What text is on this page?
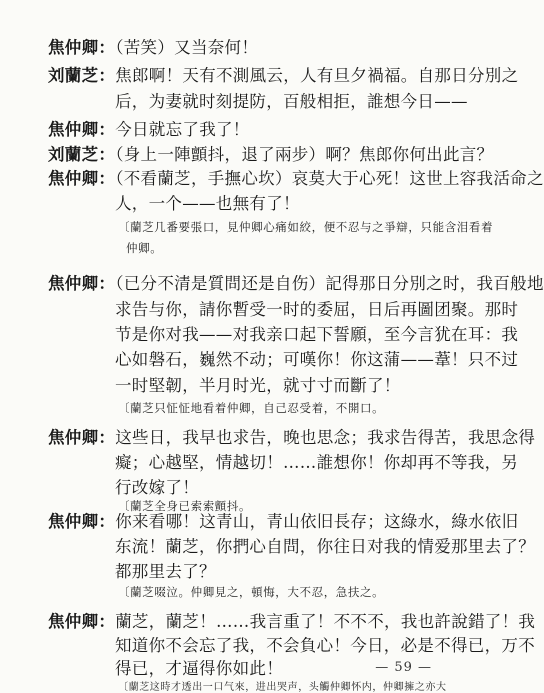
焦仲卿：（苦笑）又当奈何！
刘蘭芝：焦郎啊！天有不測風云，人有旦夕禍福。自那日分別之
后，为妻就时刻提防，百般相拒，誰想今日——
焦仲卿：今日就忘了我了！
刘蘭芝：（身上一陣顫抖，退了兩步）啊？焦郎你何出此言？
焦仲卿：（不看蘭芝，手撫心坎）哀莫大于心死！这世上容我活命之
人，一个——也無有了！
〔蘭芝几番要張口，見仲卿心痛如絞，便不忍与之爭辯，只能含泪看着
仲卿。
焦仲卿：（已分不清是質問还是自伤）記得那日分別之时，我百般地
求告与你，請你暫受一时的委屈，日后再圖团聚。那时
节是你对我——对我亲口起下誓願，至今言犹在耳：我
心如磐石，巍然不动；可嘆你！你这蒲——葦！只不过
一时堅韌，半月时光，就寸寸而斷了！
〔蘭芝只怔怔地看着仲卿，自己忍受着，不開口。
焦仲卿：这些日，我早也求告，晚也思念；我求告得苦，我思念得
癡；心越堅，情越切！……誰想你！你却再不等我，另
行改嫁了！
〔蘭芝全身已索索顫抖。
焦仲卿：你来看哪！这青山，青山依旧長存；这綠水，綠水依旧
东流！蘭芝，你捫心自問，你往日对我的情爱那里去了？
都那里去了？
〔蘭芝啜泣。仲卿見之，頓悔，大不忍，急扶之。
焦仲卿：蘭芝，蘭芝！……我言重了！不不不，我也許說錯了！我
知道你不会忘了我，不会負心！今日，必是不得已，万不
得已，才逼得你如此！
〔蘭芝这時才透出一口气來，进出哭声，头觸仲卿怀内，仲卿擁之亦大
— 59 —
